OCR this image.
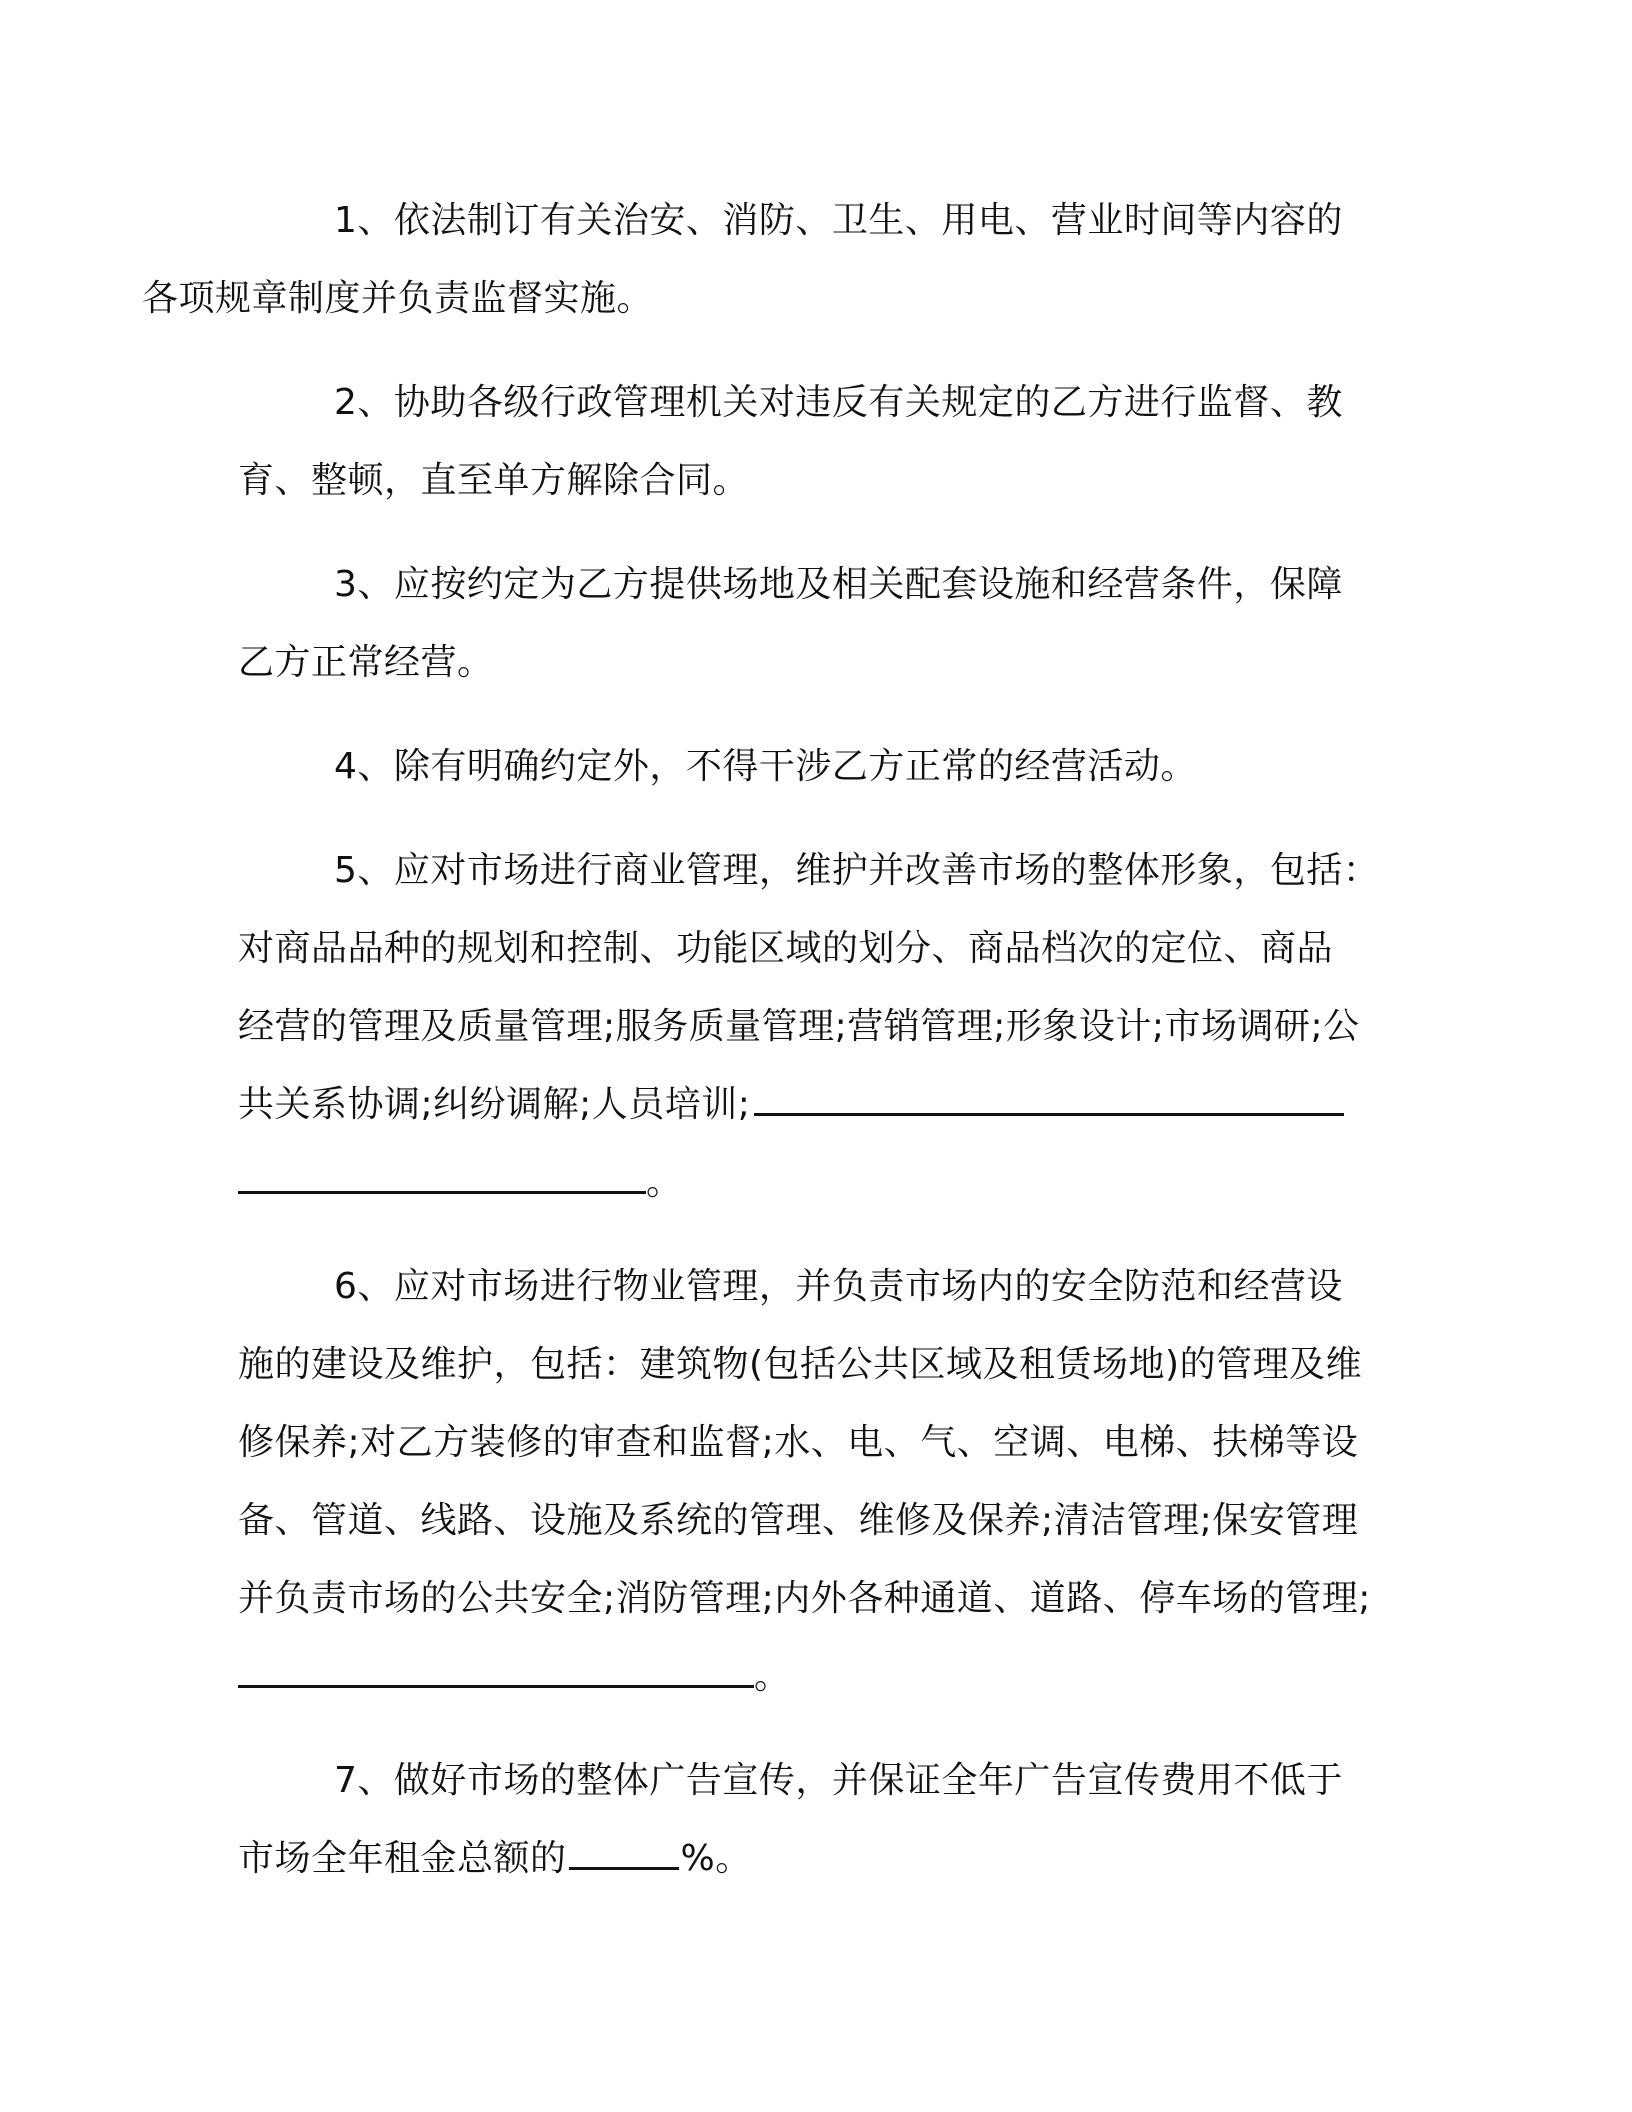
1、依法制订有关治安、消防、卫生、用电、营业时间等内容的
各项规章制度并负责监督实施。
2、协助各级行政管理机关对违反有关规定的乙方进行监督、教
育、整顿，直至单方解除合同。
3、应按约定为乙方提供场地及相关配套设施和经营条件，保障
乙方正常经营。
4、除有明确约定外，不得干涉乙方正常的经营活动。
5、应对市场进行商业管理，维护并改善市场的整体形象，包括：
对商品品种的规划和控制、功能区域的划分、商品档次的定位、商品
经营的管理及质量管理;服务质量管理;营销管理;形象设计;市场调研;公
共关系协调;纠纷调解;人员培训;
。
6、应对市场进行物业管理，并负责市场内的安全防范和经营设
施的建设及维护，包括：建筑物(包括公共区域及租赁场地)的管理及维
修保养;对乙方装修的审查和监督;水、电、气、空调、电梯、扶梯等设
备、管道、线路、设施及系统的管理、维修及保养;清洁管理;保安管理
并负责市场的公共安全;消防管理;内外各种通道、道路、停车场的管理;
。
7、做好市场的整体广告宣传，并保证全年广告宣传费用不低于
市场全年租金总额的	%。
